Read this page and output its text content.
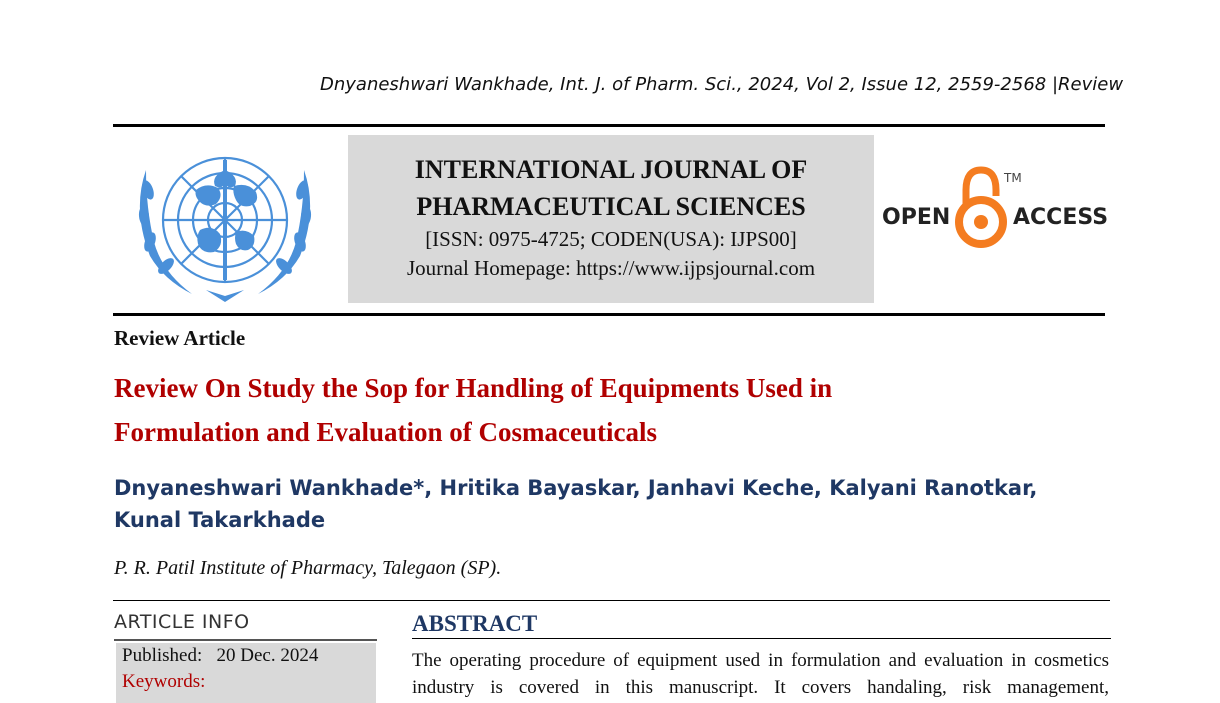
Dnyaneshwari Wankhade, Int. J. of Pharm. Sci., 2024, Vol 2, Issue 12, 2559-2568 |Review
INTERNATIONAL JOURNAL OF
PHARMACEUTICAL SCIENCES
[ISSN: 0975-4725; CODEN(USA): IJPS00]
Journal Homepage: https://www.ijpsjournal.com
OPEN	ACCESS
TM
Review Article
Review On Study the Sop for Handling of Equipments Used in
Formulation and Evaluation of Cosmaceuticals
Dnyaneshwari Wankhade*, Hritika Bayaskar, Janhavi Keche, Kalyani Ranotkar,
Kunal Takarkhade
P. R. Patil Institute of Pharmacy, Talegaon (SP).
ARTICLE INFO
Published: 20 Dec. 2024
Keywords:
ABSTRACT
The operating procedure of equipment used in formulation and evaluation in cosmetics
industry is covered in this manuscript. It covers handaling, risk management,
